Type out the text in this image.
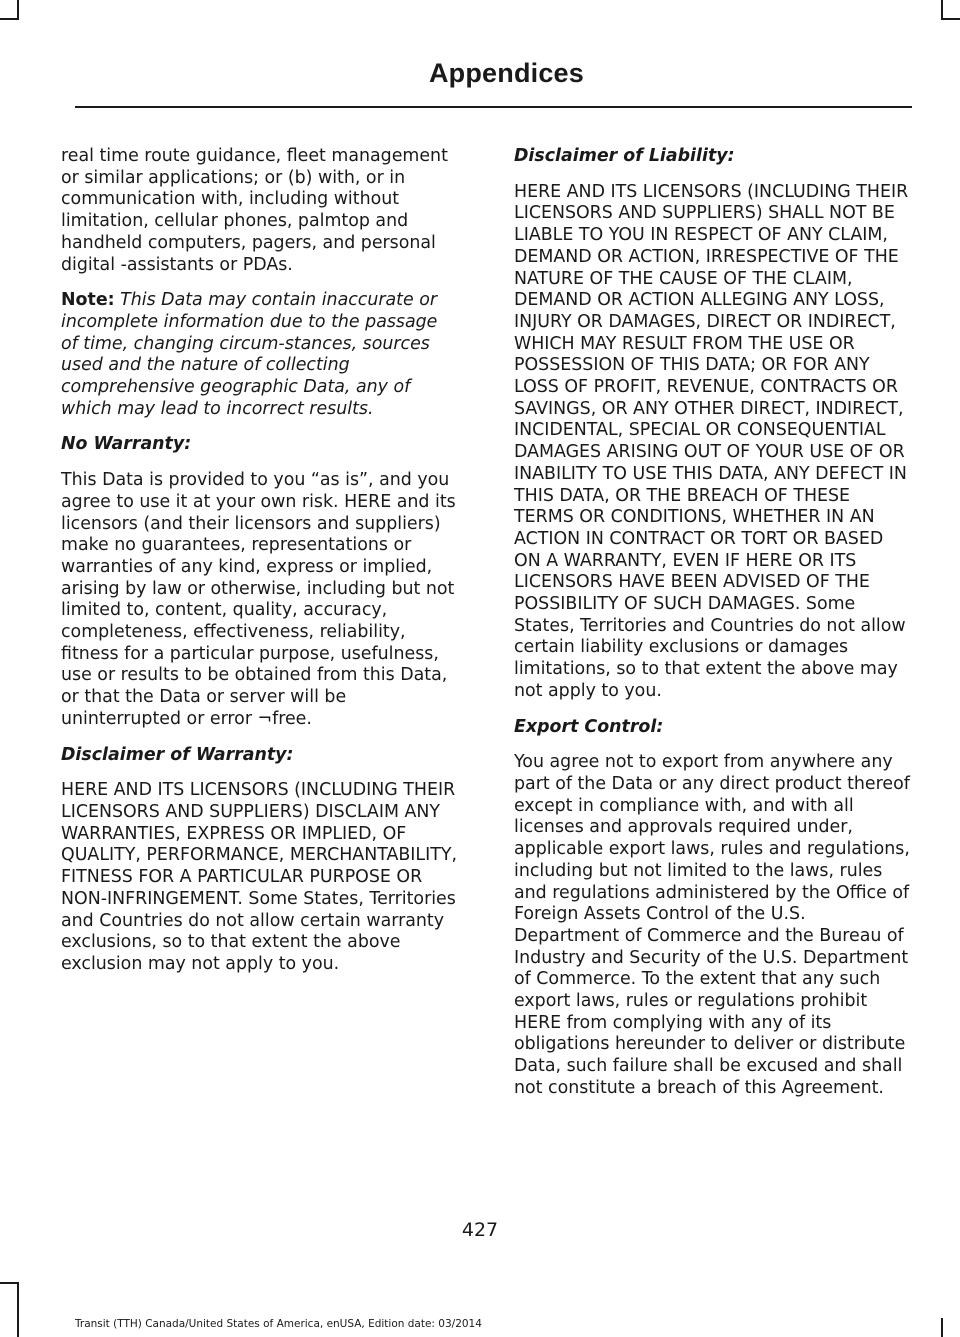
Appendices

real time route guidance, fleet management or similar applications; or (b) with, or in communication with, including without limitation, cellular phones, palmtop and handheld computers, pagers, and personal digital -assistants or PDAs.

Note: This Data may contain inaccurate or incomplete information due to the passage of time, changing circum-stances, sources used and the nature of collecting comprehensive geographic Data, any of which may lead to incorrect results.

No Warranty:

This Data is provided to you “as is”, and you agree to use it at your own risk. HERE and its licensors (and their licensors and suppliers) make no guarantees, representations or warranties of any kind, express or implied, arising by law or otherwise, including but not limited to, content, quality, accuracy, completeness, effectiveness, reliability, fitness for a particular purpose, usefulness, use or results to be obtained from this Data, or that the Data or server will be uninterrupted or error ¬free.

Disclaimer of Warranty:

HERE AND ITS LICENSORS (INCLUDING THEIR LICENSORS AND SUPPLIERS) DISCLAIM ANY WARRANTIES, EXPRESS OR IMPLIED, OF QUALITY, PERFORMANCE, MERCHANTABILITY, FITNESS FOR A PARTICULAR PURPOSE OR NON-INFRINGEMENT. Some States, Territories and Countries do not allow certain warranty exclusions, so to that extent the above exclusion may not apply to you.

Disclaimer of Liability:

HERE AND ITS LICENSORS (INCLUDING THEIR LICENSORS AND SUPPLIERS) SHALL NOT BE LIABLE TO YOU IN RESPECT OF ANY CLAIM, DEMAND OR ACTION, IRRESPECTIVE OF THE NATURE OF THE CAUSE OF THE CLAIM, DEMAND OR ACTION ALLEGING ANY LOSS, INJURY OR DAMAGES, DIRECT OR INDIRECT, WHICH MAY RESULT FROM THE USE OR POSSESSION OF THIS DATA; OR FOR ANY LOSS OF PROFIT, REVENUE, CONTRACTS OR SAVINGS, OR ANY OTHER DIRECT, INDIRECT, INCIDENTAL, SPECIAL OR CONSEQUENTIAL DAMAGES ARISING OUT OF YOUR USE OF OR INABILITY TO USE THIS DATA, ANY DEFECT IN THIS DATA, OR THE BREACH OF THESE TERMS OR CONDITIONS, WHETHER IN AN ACTION IN CONTRACT OR TORT OR BASED ON A WARRANTY, EVEN IF HERE OR ITS LICENSORS HAVE BEEN ADVISED OF THE POSSIBILITY OF SUCH DAMAGES. Some States, Territories and Countries do not allow certain liability exclusions or damages limitations, so to that extent the above may not apply to you.

Export Control:

You agree not to export from anywhere any part of the Data or any direct product thereof except in compliance with, and with all licenses and approvals required under, applicable export laws, rules and regulations, including but not limited to the laws, rules and regulations administered by the Office of Foreign Assets Control of the U.S. Department of Commerce and the Bureau of Industry and Security of the U.S. Department of Commerce. To the extent that any such export laws, rules or regulations prohibit HERE from complying with any of its obligations hereunder to deliver or distribute Data, such failure shall be excused and shall not constitute a breach of this Agreement.

427
Transit (TTH) Canada/United States of America, enUSA, Edition date: 03/2014
